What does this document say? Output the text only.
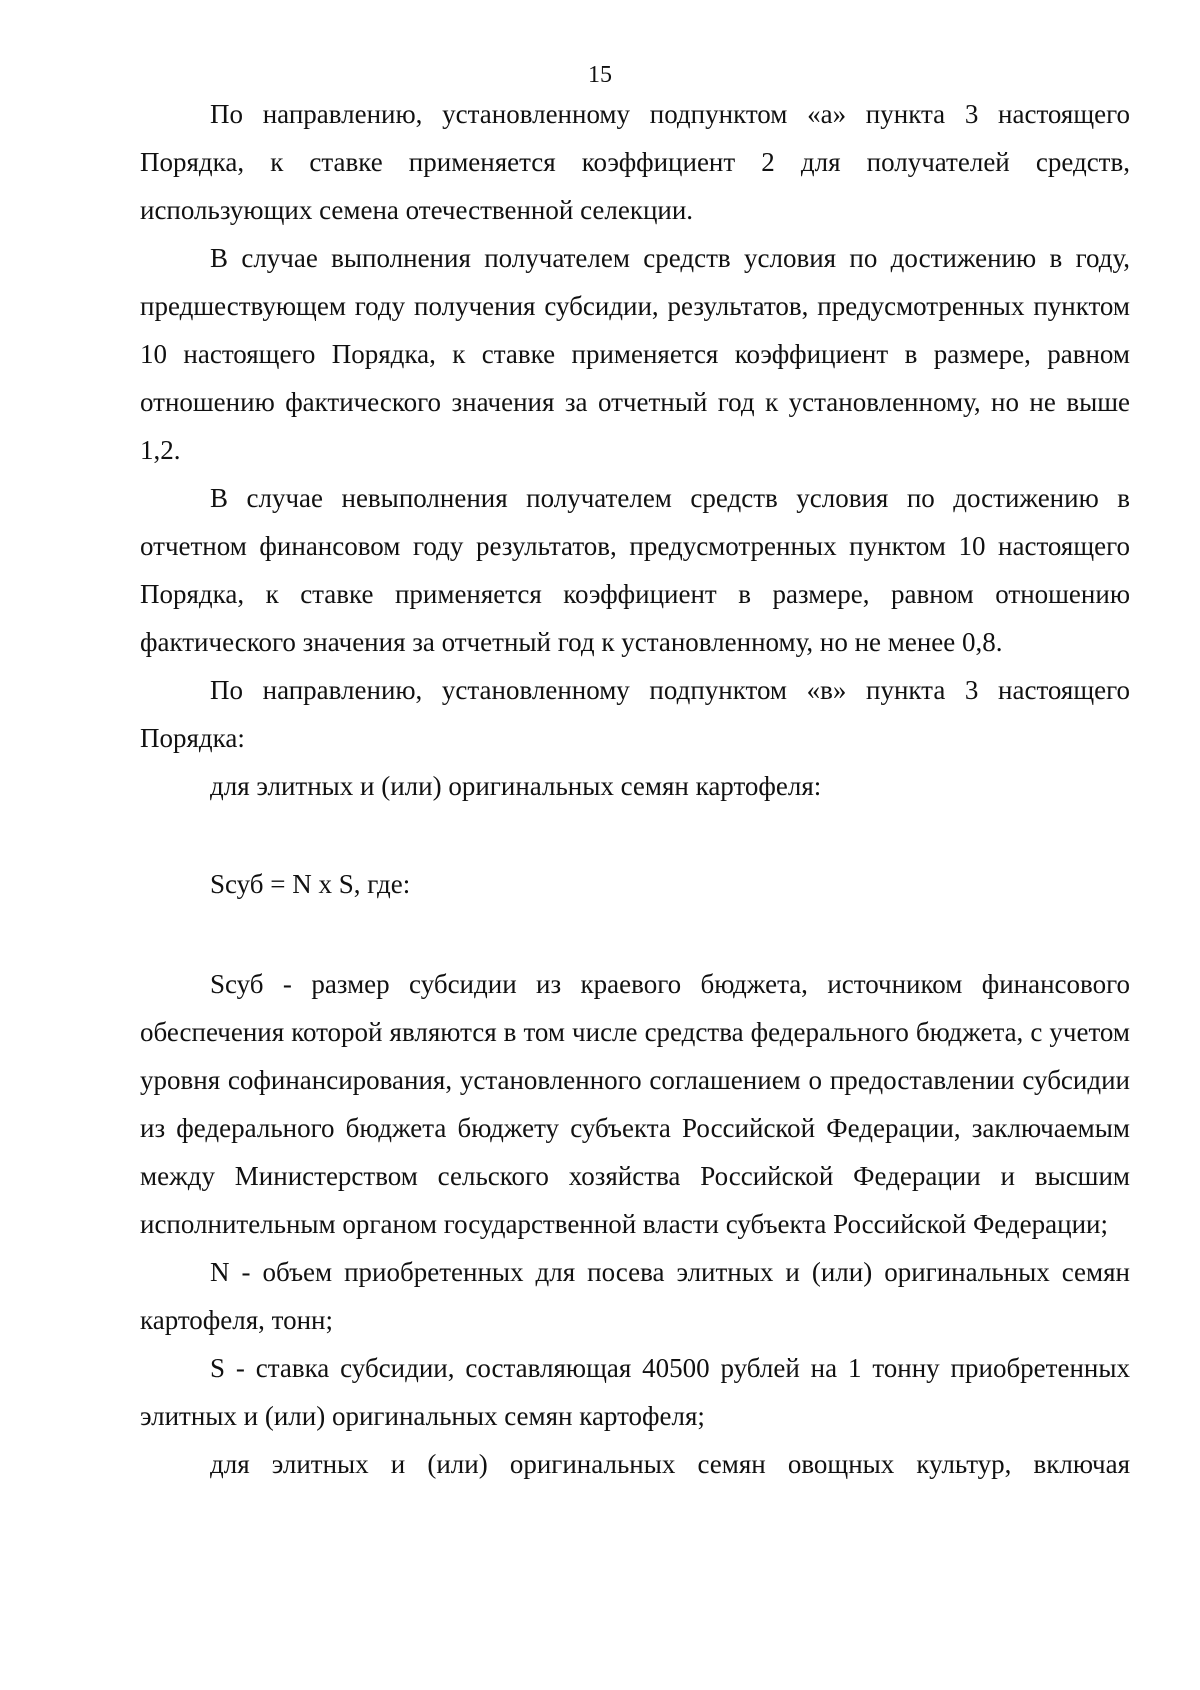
15

По направлению, установленному подпунктом «а» пункта 3 настоящего Порядка, к ставке применяется коэффициент 2 для получателей средств, использующих семена отечественной селекции.

В случае выполнения получателем средств условия по достижению в году, предшествующем году получения субсидии, результатов, предусмотренных пунктом 10 настоящего Порядка, к ставке применяется коэффициент в размере, равном отношению фактического значения за отчетный год к установленному, но не выше 1,2.

В случае невыполнения получателем средств условия по достижению в отчетном финансовом году результатов, предусмотренных пунктом 10 настоящего Порядка, к ставке применяется коэффициент в размере, равном отношению фактического значения за отчетный год к установленному, но не менее 0,8.

По направлению, установленному подпунктом «в» пункта 3 настоящего Порядка:

для элитных и (или) оригинальных семян картофеля:

Sсуб = N x S, где:

Sсуб - размер субсидии из краевого бюджета, источником финансового обеспечения которой являются в том числе средства федерального бюджета, с учетом уровня софинансирования, установленного соглашением о предоставлении субсидии из федерального бюджета бюджету субъекта Российской Федерации, заключаемым между Министерством сельского хозяйства Российской Федерации и высшим исполнительным органом государственной власти субъекта Российской Федерации;

N - объем приобретенных для посева элитных и (или) оригинальных семян картофеля, тонн;

S - ставка субсидии, составляющая 40500 рублей на 1 тонну приобретенных элитных и (или) оригинальных семян картофеля;

для элитных и (или) оригинальных семян овощных культур, включая
